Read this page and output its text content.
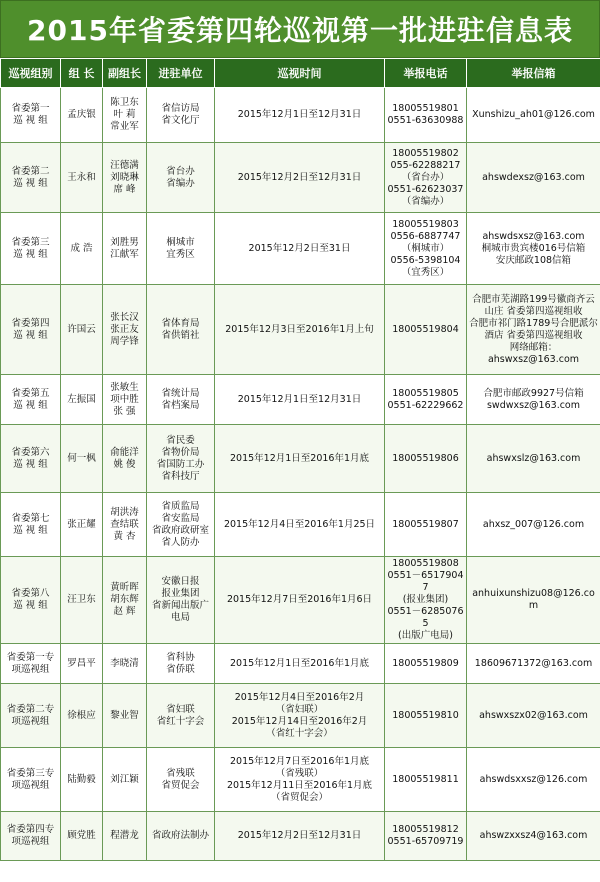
2015年省委第四轮巡视第一批进驻信息表
巡视组别	组 长	副组长	进驻单位	巡视时间	举报电话	举报信箱
省委第一
巡 视 组	孟庆银	陈卫东
叶 莉
常业军	省信访局
省文化厅	2015年12月1日至12月31日	18005519801
0551-63630988	Xunshizu_ah01@126.com
省委第二
巡 视 组	王永和	汪德满
刘晓琳
席 峰	省台办
省编办	2015年12月2日至12月31日	18005519802
055-62288217
（省台办）
0551-62623037
（省编办）	ahswdexsz@163.com
省委第三
巡 视 组	成 浩	刘胜男
江献军	桐城市
宜秀区	2015年12月2日至31日	18005519803
0556-6887747
（桐城市）
0556-5398104
（宜秀区）	ahswdsxsz@163.com
桐城市贵宾楼016号信箱
安庆邮政108信箱
省委第四
巡 视 组	许国云	张长汉
张正友
周学锋	省体育局
省供销社	2015年12月3日至2016年1月上旬	18005519804	合肥市芜湖路199号徽商齐云山庄 省委第四巡视组收
合肥市祁门路1789号合肥派尔酒店 省委第四巡视组收
网络邮箱：
ahswxsz@163.com
省委第五
巡 视 组	左振国	张敏生
项中胜
张 强	省统计局
省档案局	2015年12月1日至12月31日	18005519805
0551-62229662	合肥市邮政9927号信箱
swdwxsz@163.com
省委第六
巡 视 组	何一枫	俞能洋
姚 俊	省民委
省物价局
省国防工办
省科技厅	2015年12月1日至2016年1月底	18005519806	ahswxslz@163.com
省委第七
巡 视 组	张正耀	胡洪涛
查结联
黄 杏	省质监局
省安监局
省政府政研室
省人防办	2015年12月4日至2016年1月25日	18005519807	ahxsz_007@126.com
省委第八
巡 视 组	汪卫东	黄昕晖
胡东辉
赵 辉	安徽日报
报业集团
省新闻出版广
电局	2015年12月7日至2016年1月6日	18005519808
0551－65179047
(报业集团)
0551－62850765
(出版广电局)	anhuixunshizu08@126.com
省委第一专
项巡视组	罗昌平	李晓清	省科协
省侨联	2015年12月1日至2016年1月底	18005519809	18609671372@163.com
省委第二专
项巡视组	徐根应	黎业智	省妇联
省红十字会	2015年12月4日至2016年2月
（省妇联）
2015年12月14日至2016年2月
（省红十字会）	18005519810	ahswxszx02@163.com
省委第三专
项巡视组	陆勤毅	刘江颖	省残联
省贸促会	2015年12月7日至2016年1月底
（省残联）
2015年12月11日至2016年1月底
（省贸促会）	18005519811	ahswdsxxsz@126.com
省委第四专
项巡视组	顾党胜	程潜龙	省政府法制办	2015年12月2日至12月31日	18005519812
0551-65709719	ahswzxxsz4@163.com
